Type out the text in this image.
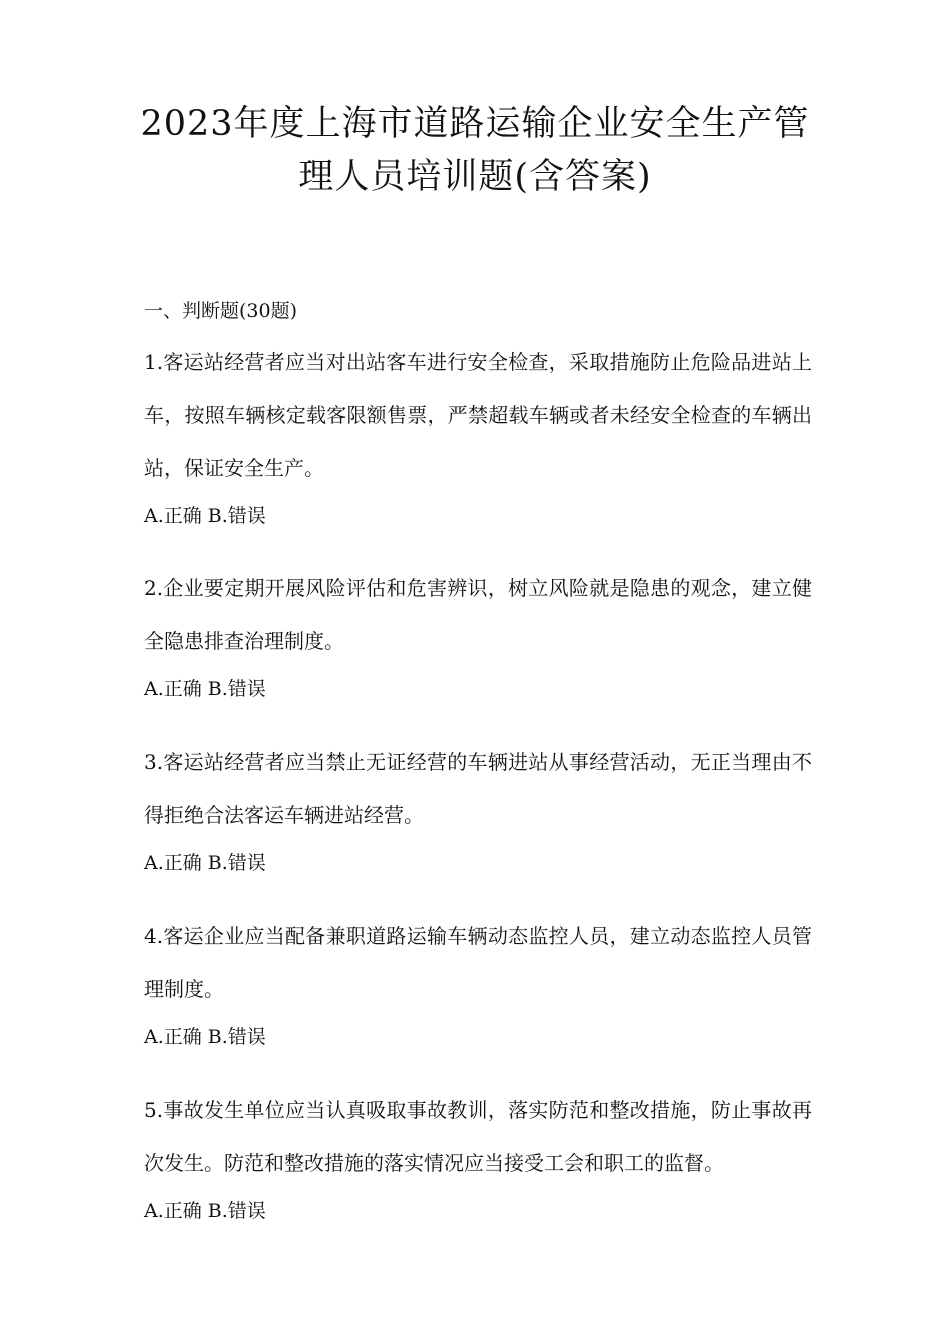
2023年度上海市道路运输企业安全生产管
理人员培训题(含答案)
一、判断题(30题)

1.客运站经营者应当对出站客车进行安全检查，采取措施防止危险品进站上车，按照车辆核定载客限额售票，严禁超载车辆或者未经安全检查的车辆出站，保证安全生产。

A.正确 B.错误

2.企业要定期开展风险评估和危害辨识，树立风险就是隐患的观念，建立健全隐患排查治理制度。

A.正确 B.错误

3.客运站经营者应当禁止无证经营的车辆进站从事经营活动，无正当理由不得拒绝合法客运车辆进站经营。

A.正确 B.错误

4.客运企业应当配备兼职道路运输车辆动态监控人员，建立动态监控人员管理制度。

A.正确 B.错误

5.事故发生单位应当认真吸取事故教训，落实防范和整改措施，防止事故再次发生。防范和整改措施的落实情况应当接受工会和职工的监督。

A.正确 B.错误
